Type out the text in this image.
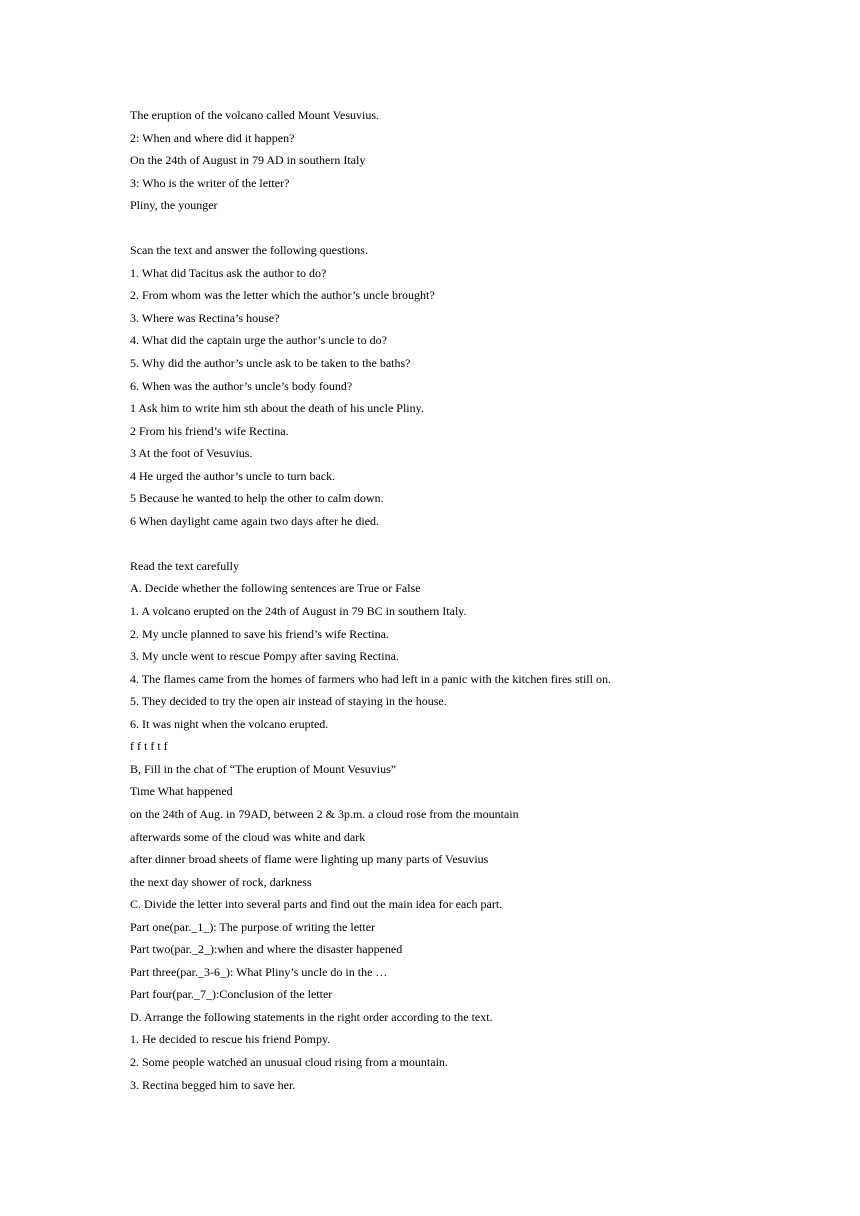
The eruption of the volcano called Mount Vesuvius.
2: When and where did it happen?
On the 24th of August in 79 AD in southern Italy
3: Who is the writer of the letter?
Pliny, the younger
Scan the text and answer the following questions.
1. What did Tacitus ask the author to do?
2. From whom was the letter which the author’s uncle brought?
3. Where was Rectina’s house?
4. What did the captain urge the author’s uncle to do?
5. Why did the author’s uncle ask to be taken to the baths?
6. When was the author’s uncle’s body found?
1 Ask him to write him sth about the death of his uncle Pliny.
2 From his friend’s wife Rectina.
3 At the foot of Vesuvius.
4 He urged the author’s uncle to turn back.
5 Because he wanted to help the other to calm down.
6 When daylight came again two days after he died.
Read the text carefully
A. Decide whether the following sentences are True or False
1. A volcano erupted on the 24th of August in 79 BC in southern Italy.
2. My uncle planned to save his friend’s wife Rectina.
3. My uncle went to rescue Pompy after saving Rectina.
4. The flames came from the homes of farmers who had left in a panic with the kitchen fires still on.
5. They decided to try the open air instead of staying in the house.
6. It was night when the volcano erupted.
f f t f t f
B, Fill in the chat of “The eruption of Mount Vesuvius”
Time What happened
on the 24th of Aug. in 79AD, between 2 & 3p.m. a cloud rose from the mountain
afterwards some of the cloud was white and dark
after dinner broad sheets of flame were lighting up many parts of Vesuvius
the next day shower of rock, darkness
C. Divide the letter into several parts and find out the main idea for each part.
Part one(par._1_): The purpose of writing the letter
Part two(par._2_):when and where the disaster happened
Part three(par._3-6_): What Pliny’s uncle do in the …
Part four(par._7_):Conclusion of the letter
D. Arrange the following statements in the right order according to the text.
1. He decided to rescue his friend Pompy.
2. Some people watched an unusual cloud rising from a mountain.
3. Rectina begged him to save her.
